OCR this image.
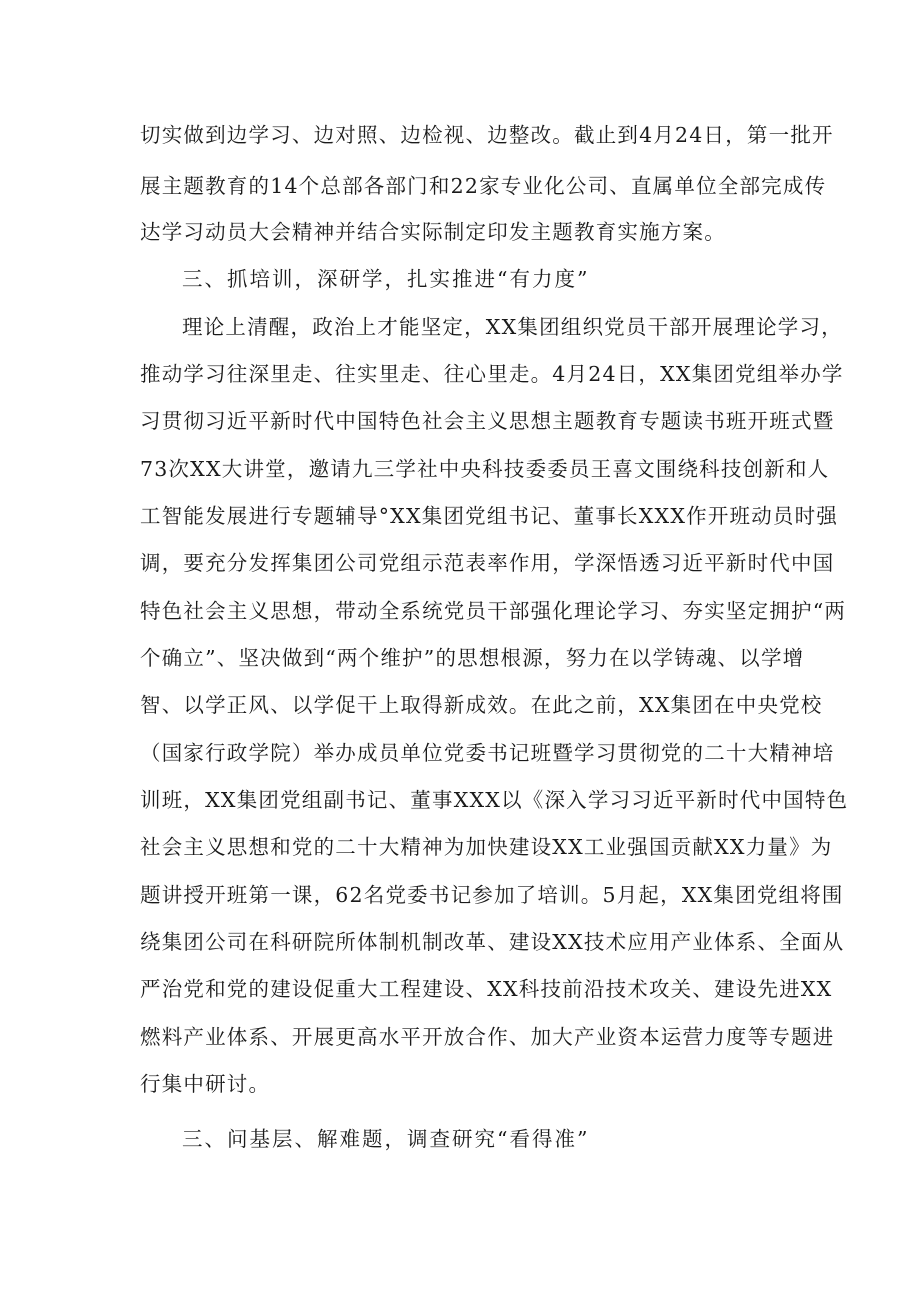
切实做到边学习、边对照、边检视、边整改。截止到4月24日，第一批开
展主题教育的14个总部各部门和22家专业化公司、直属单位全部完成传
达学习动员大会精神并结合实际制定印发主题教育实施方案。
三、抓培训，深研学，扎实推进“有力度”
理论上清醒，政治上才能坚定，XX集团组织党员干部开展理论学习，
推动学习往深里走、往实里走、往心里走。4月24日，XX集团党组举办学
习贯彻习近平新时代中国特色社会主义思想主题教育专题读书班开班式暨
73次XX大讲堂，邀请九三学社中央科技委委员王喜文围绕科技创新和人
工智能发展进行专题辅导°XX集团党组书记、董事长XXX作开班动员时强
调，要充分发挥集团公司党组示范表率作用，学深悟透习近平新时代中国
特色社会主义思想，带动全系统党员干部强化理论学习、夯实坚定拥护“两
个确立”、坚决做到“两个维护”的思想根源，努力在以学铸魂、以学增
智、以学正风、以学促干上取得新成效。在此之前，XX集团在中央党校
（国家行政学院）举办成员单位党委书记班暨学习贯彻党的二十大精神培
训班，XX集团党组副书记、董事XXX以《深入学习习近平新时代中国特色
社会主义思想和党的二十大精神为加快建设XX工业强国贡献XX力量》为
题讲授开班第一课，62名党委书记参加了培训。5月起，XX集团党组将围
绕集团公司在科研院所体制机制改革、建设XX技术应用产业体系、全面从
严治党和党的建设促重大工程建设、XX科技前沿技术攻关、建设先进XX
燃料产业体系、开展更高水平开放合作、加大产业资本运营力度等专题进
行集中研讨。
三、问基层、解难题，调查研究“看得准”
